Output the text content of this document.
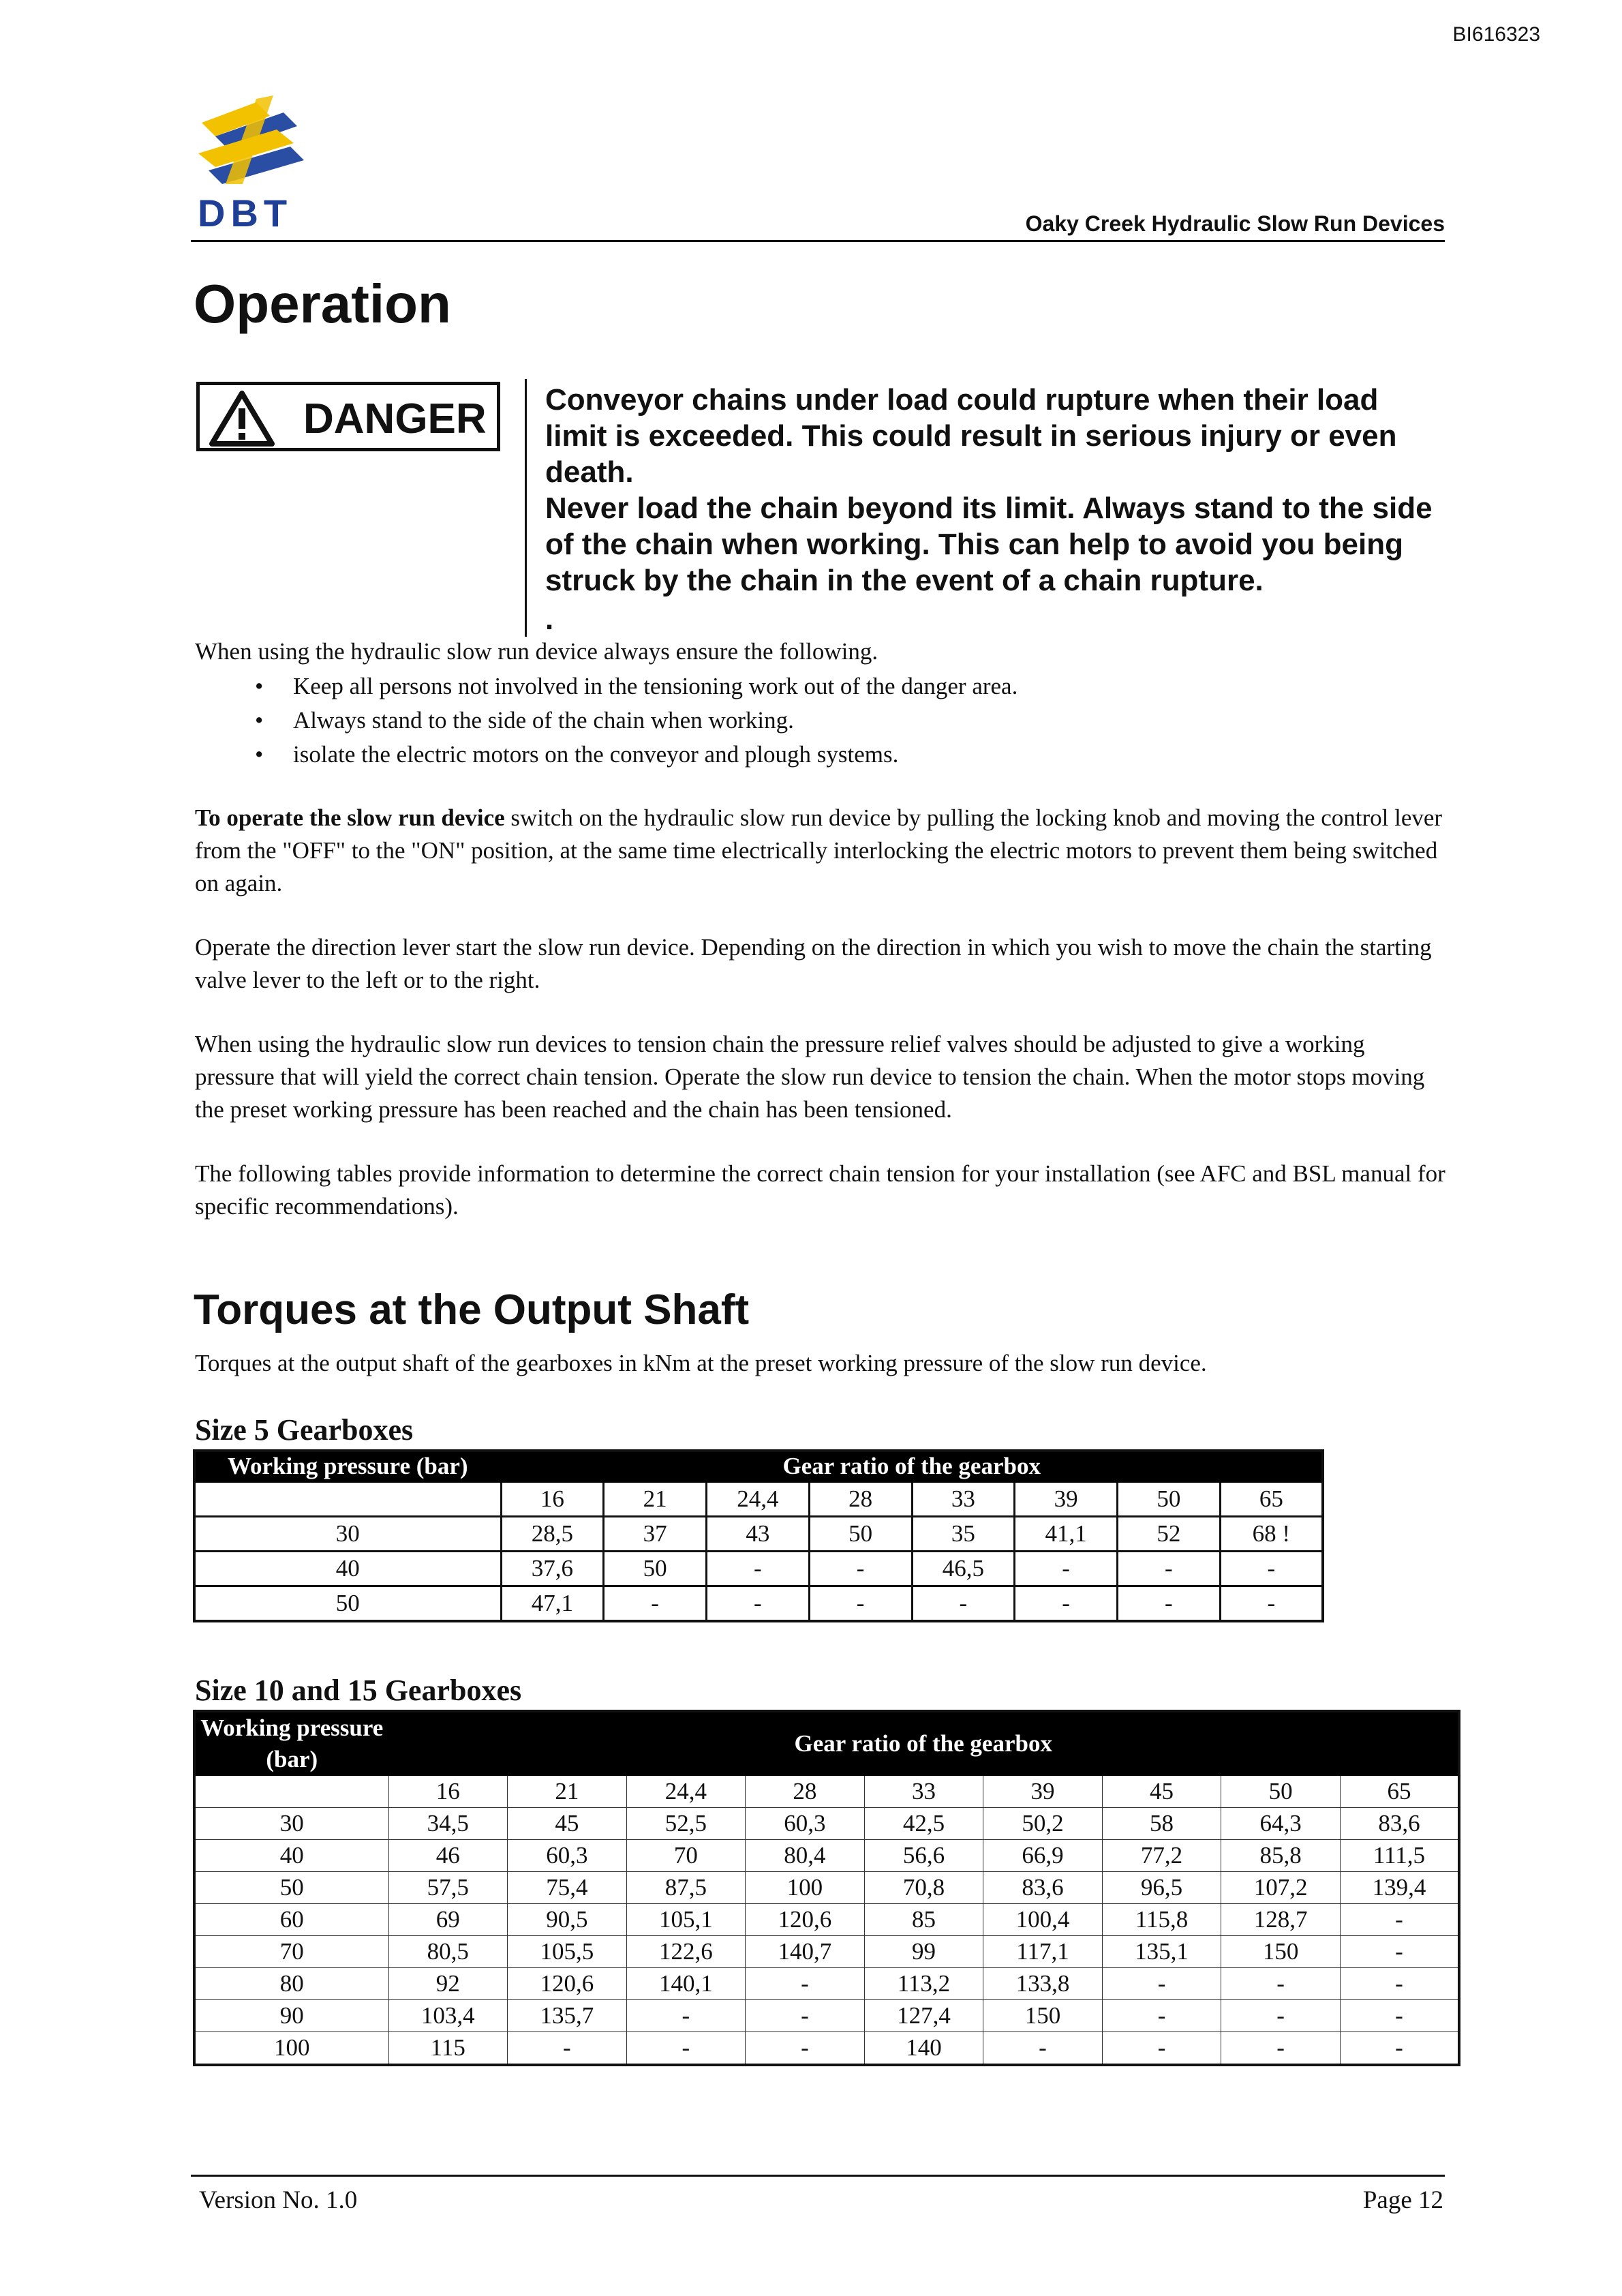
BI616323
DBT	Oaky Creek Hydraulic Slow Run Devices
Operation
DANGER Conveyor chains under load could rupture when their load limit is exceeded. This could result in serious injury or even death.
Never load the chain beyond its limit. Always stand to the side of the chain when working. This can help to avoid you being struck by the chain in the event of a chain rupture.
.
When using the hydraulic slow run device always ensure the following.
• Keep all persons not involved in the tensioning work out of the danger area.
• Always stand to the side of the chain when working.
• isolate the electric motors on the conveyor and plough systems.
To operate the slow run device switch on the hydraulic slow run device by pulling the locking knob and moving the control lever from the "OFF" to the "ON" position, at the same time electrically interlocking the electric motors to prevent them being switched on again.
Operate the direction lever start the slow run device. Depending on the direction in which you wish to move the chain the starting valve lever to the left or to the right.
When using the hydraulic slow run devices to tension chain the pressure relief valves should be adjusted to give a working pressure that will yield the correct chain tension. Operate the slow run device to tension the chain. When the motor stops moving the preset working pressure has been reached and the chain has been tensioned.
The following tables provide information to determine the correct chain tension for your installation (see AFC and BSL manual for specific recommendations).
Torques at the Output Shaft
Torques at the output shaft of the gearboxes in kNm at the preset working pressure of the slow run device.
Size 5 Gearboxes
Working pressure (bar)	Gear ratio of the gearbox							
	16	21	24,4	28	33	39	50	65
30	28,5	37	43	50	35	41,1	52	68 !
40	37,6	50	-	-	46,5	-	-	-
50	47,1	-	-	-	-	-	-	-
Size 10 and 15 Gearboxes
Working pressure (bar)	Gear ratio of the gearbox								
	16	21	24,4	28	33	39	45	50	65
30	34,5	45	52,5	60,3	42,5	50,2	58	64,3	83,6
40	46	60,3	70	80,4	56,6	66,9	77,2	85,8	111,5
50	57,5	75,4	87,5	100	70,8	83,6	96,5	107,2	139,4
60	69	90,5	105,1	120,6	85	100,4	115,8	128,7	-
70	80,5	105,5	122,6	140,7	99	117,1	135,1	150	-
80	92	120,6	140,1	-	113,2	133,8	-	-	-
90	103,4	135,7	-	-	127,4	150	-	-	-
100	115	-	-	-	140	-	-	-	-
Version No. 1.0	Page 12
